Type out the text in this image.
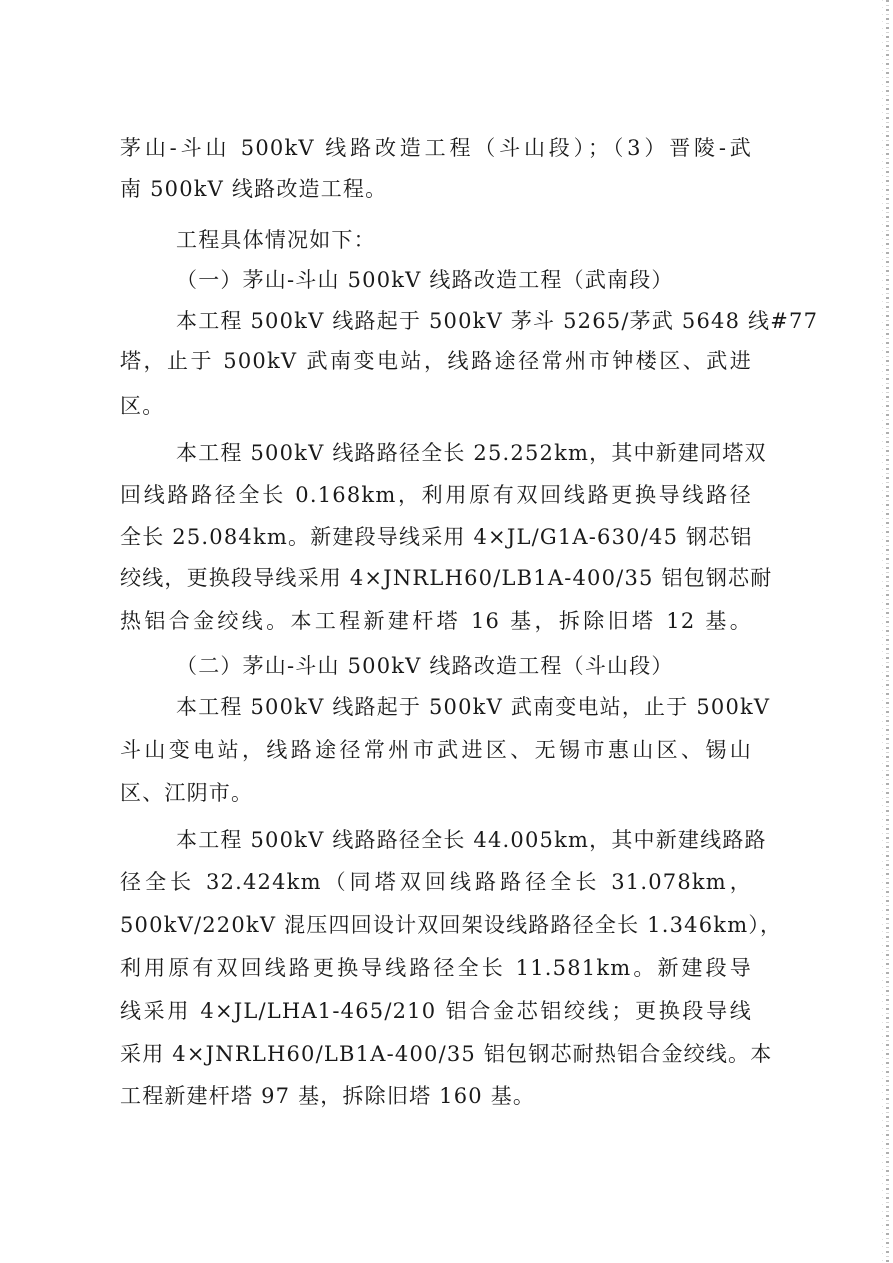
茅山-斗山 500kV 线路改造工程（斗山段）；（3）晋陵-武
南 500kV 线路改造工程。
工程具体情况如下：
（一）茅山-斗山 500kV 线路改造工程（武南段）
本工程 500kV 线路起于 500kV 茅斗 5265/茅武 5648 线#77
塔，止于 500kV 武南变电站，线路途径常州市钟楼区、武进
区。
本工程 500kV 线路路径全长 25.252km，其中新建同塔双
回线路路径全长 0.168km，利用原有双回线路更换导线路径
全长 25.084km。新建段导线采用 4×JL/G1A-630/45 钢芯铝
绞线，更换段导线采用 4×JNRLH60/LB1A-400/35 铝包钢芯耐
热铝合金绞线。本工程新建杆塔 16 基，拆除旧塔 12 基。
（二）茅山-斗山 500kV 线路改造工程（斗山段）
本工程 500kV 线路起于 500kV 武南变电站，止于 500kV
斗山变电站，线路途径常州市武进区、无锡市惠山区、锡山
区、江阴市。
本工程 500kV 线路路径全长 44.005km，其中新建线路路
径全长 32.424km（同塔双回线路路径全长 31.078km，
500kV/220kV 混压四回设计双回架设线路路径全长 1.346km），
利用原有双回线路更换导线路径全长 11.581km。新建段导
线采用 4×JL/LHA1-465/210 铝合金芯铝绞线；更换段导线
采用 4×JNRLH60/LB1A-400/35 铝包钢芯耐热铝合金绞线。本
工程新建杆塔 97 基，拆除旧塔 160 基。
